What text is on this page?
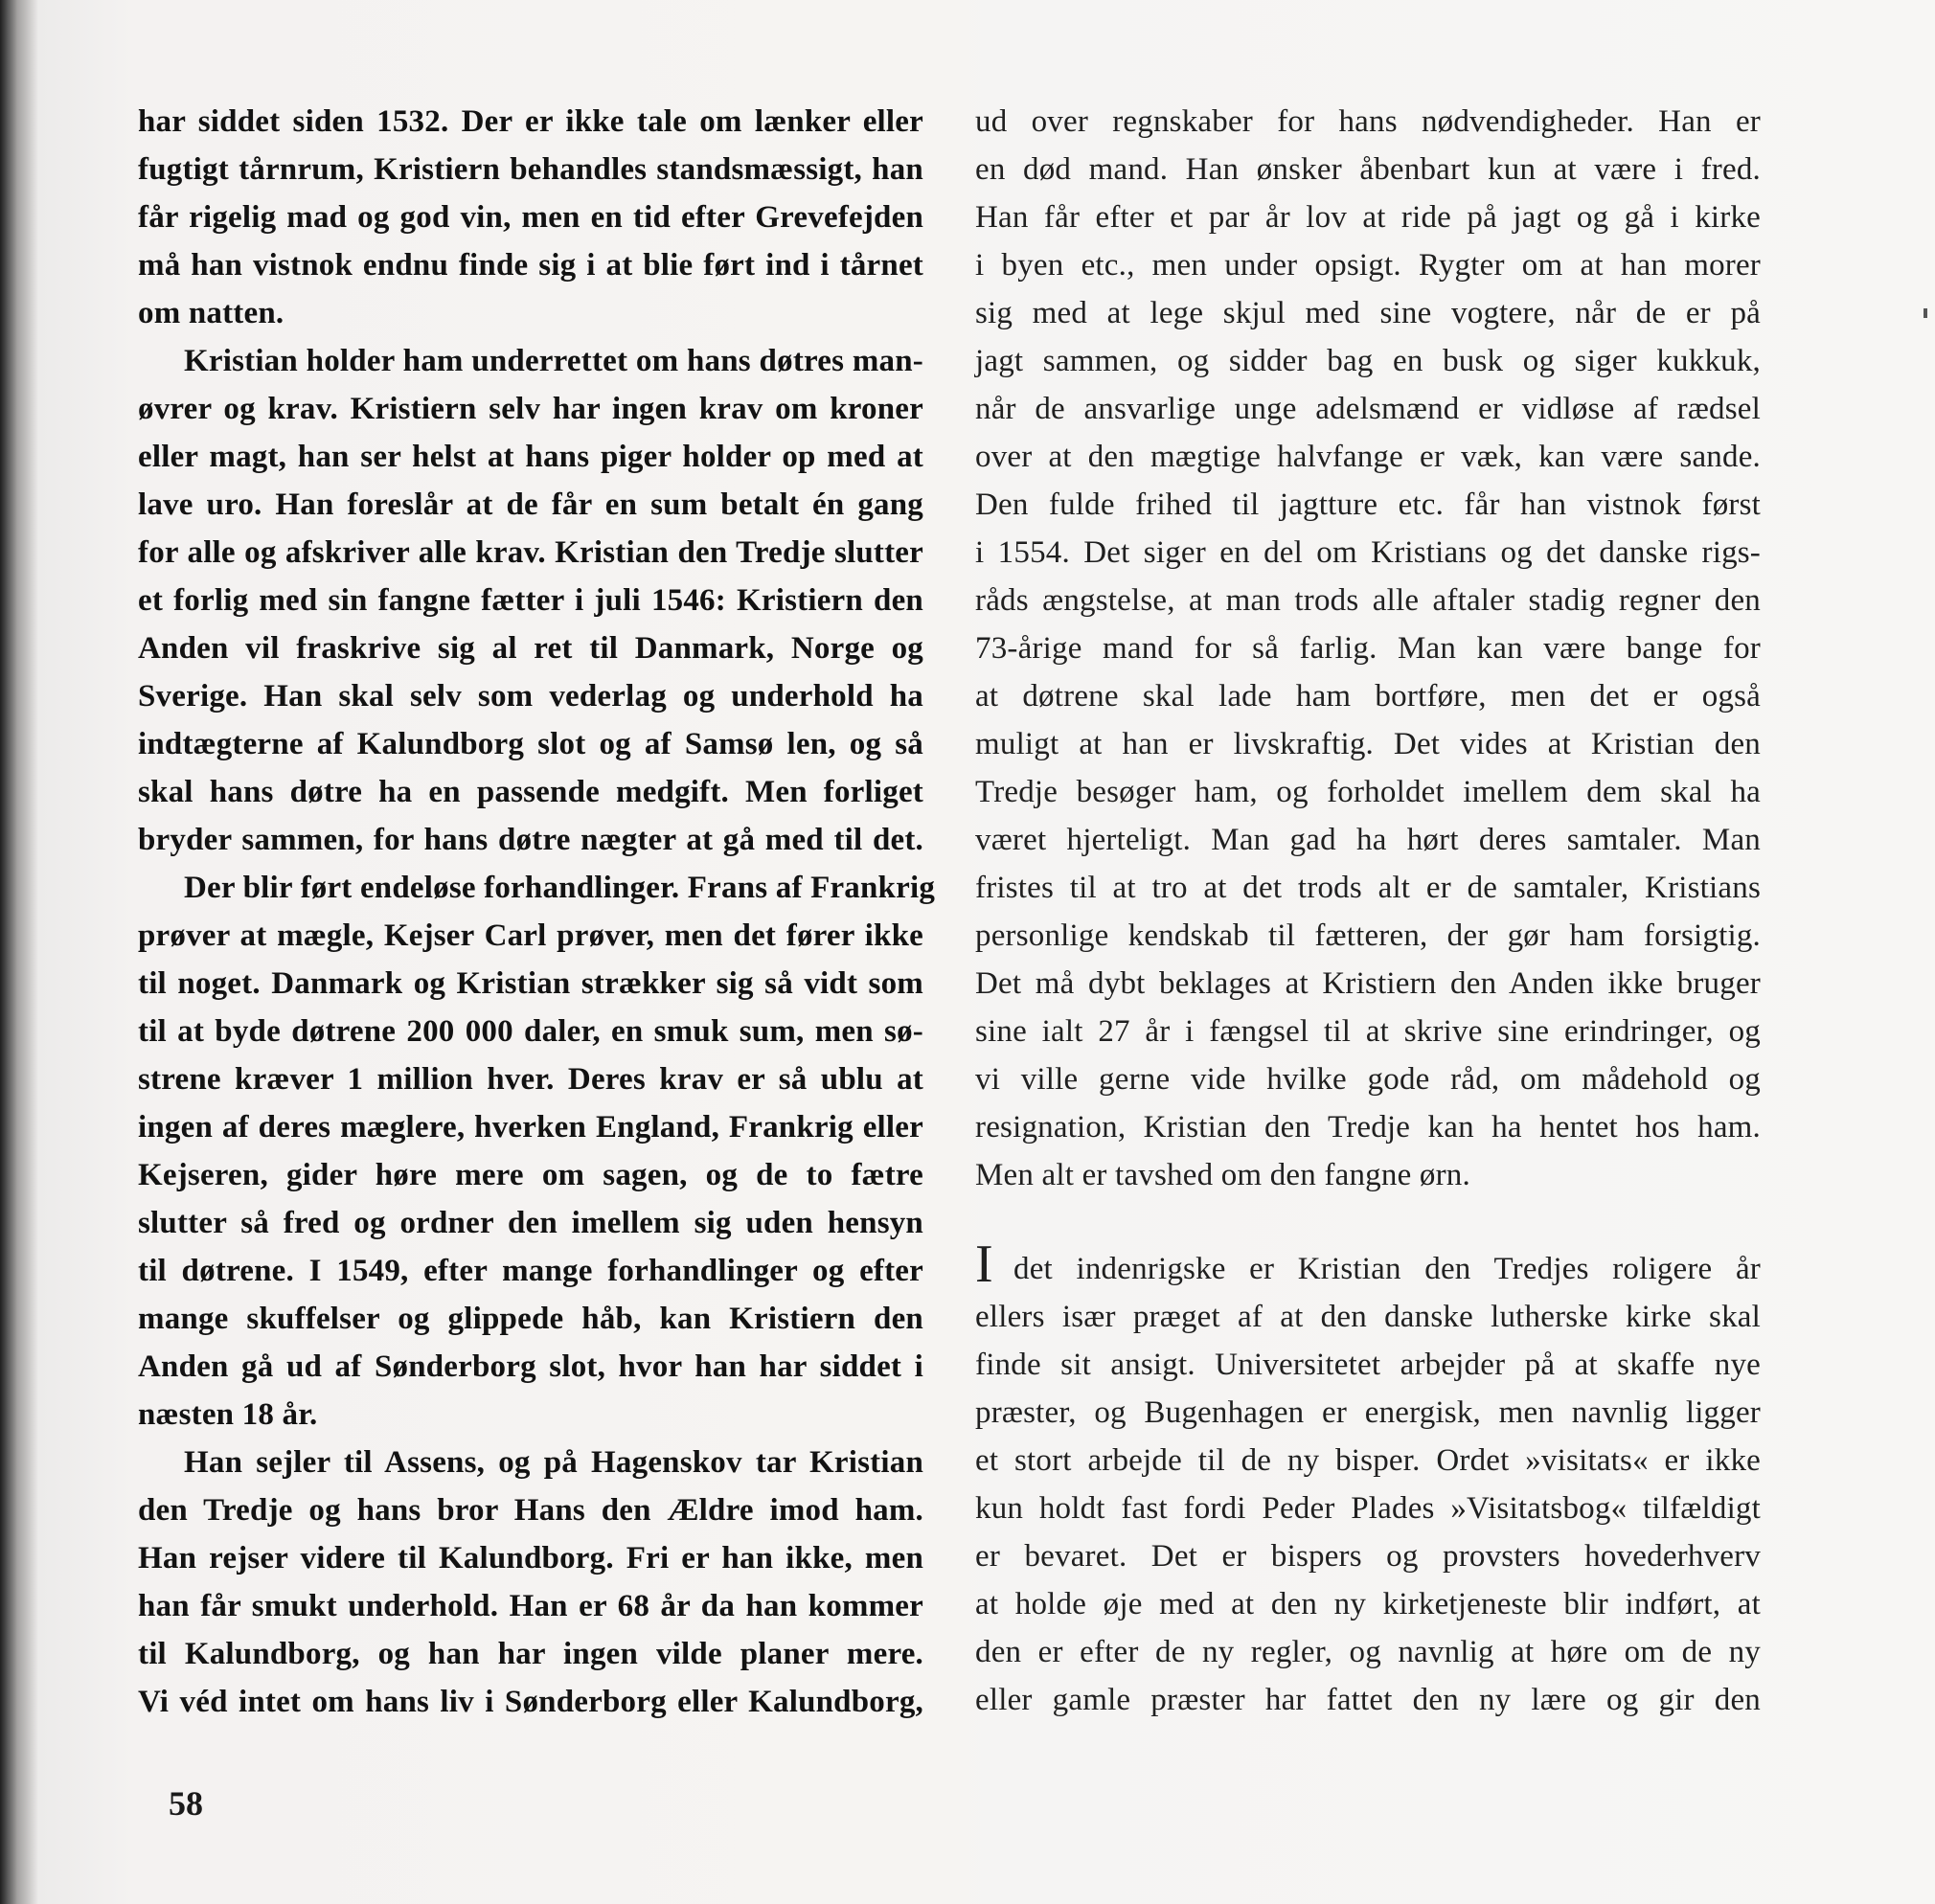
har siddet siden 1532. Der er ikke tale om lænker eller
fugtigt tårnrum, Kristiern behandles standsmæssigt, han
får rigelig mad og god vin, men en tid efter Grevefejden
må han vistnok endnu finde sig i at blie ført ind i tårnet
om natten.
Kristian holder ham underrettet om hans døtres man-
øvrer og krav. Kristiern selv har ingen krav om kroner
eller magt, han ser helst at hans piger holder op med at
lave uro. Han foreslår at de får en sum betalt én gang
for alle og afskriver alle krav. Kristian den Tredje slutter
et forlig med sin fangne fætter i juli 1546: Kristiern den
Anden vil fraskrive sig al ret til Danmark, Norge og
Sverige. Han skal selv som vederlag og underhold ha
indtægterne af Kalundborg slot og af Samsø len, og så
skal hans døtre ha en passende medgift. Men forliget
bryder sammen, for hans døtre nægter at gå med til det.
Der blir ført endeløse forhandlinger. Frans af Frankrig
prøver at mægle, Kejser Carl prøver, men det fører ikke
til noget. Danmark og Kristian strækker sig så vidt som
til at byde døtrene 200 000 daler, en smuk sum, men sø-
strene kræver 1 million hver. Deres krav er så ublu at
ingen af deres mæglere, hverken England, Frankrig eller
Kejseren, gider høre mere om sagen, og de to fætre
slutter så fred og ordner den imellem sig uden hensyn
til døtrene. I 1549, efter mange forhandlinger og efter
mange skuffelser og glippede håb, kan Kristiern den
Anden gå ud af Sønderborg slot, hvor han har siddet i
næsten 18 år.
Han sejler til Assens, og på Hagenskov tar Kristian
den Tredje og hans bror Hans den Ældre imod ham.
Han rejser videre til Kalundborg. Fri er han ikke, men
han får smukt underhold. Han er 68 år da han kommer
til Kalundborg, og han har ingen vilde planer mere.
Vi véd intet om hans liv i Sønderborg eller Kalundborg,
ud over regnskaber for hans nødvendigheder. Han er
en død mand. Han ønsker åbenbart kun at være i fred.
Han får efter et par år lov at ride på jagt og gå i kirke
i byen etc., men under opsigt. Rygter om at han morer
sig med at lege skjul med sine vogtere, når de er på
jagt sammen, og sidder bag en busk og siger kukkuk,
når de ansvarlige unge adelsmænd er vidløse af rædsel
over at den mægtige halvfange er væk, kan være sande.
Den fulde frihed til jagtture etc. får han vistnok først
i 1554. Det siger en del om Kristians og det danske rigs-
råds ængstelse, at man trods alle aftaler stadig regner den
73-årige mand for så farlig. Man kan være bange for
at døtrene skal lade ham bortføre, men det er også
muligt at han er livskraftig. Det vides at Kristian den
Tredje besøger ham, og forholdet imellem dem skal ha
været hjerteligt. Man gad ha hørt deres samtaler. Man
fristes til at tro at det trods alt er de samtaler, Kristians
personlige kendskab til fætteren, der gør ham forsigtig.
Det må dybt beklages at Kristiern den Anden ikke bruger
sine ialt 27 år i fængsel til at skrive sine erindringer, og
vi ville gerne vide hvilke gode råd, om mådehold og
resignation, Kristian den Tredje kan ha hentet hos ham.
Men alt er tavshed om den fangne ørn.
I det indenrigske er Kristian den Tredjes roligere år
ellers især præget af at den danske lutherske kirke skal
finde sit ansigt. Universitetet arbejder på at skaffe nye
præster, og Bugenhagen er energisk, men navnlig ligger
et stort arbejde til de ny bisper. Ordet »visitats« er ikke
kun holdt fast fordi Peder Plades »Visitatsbog« tilfældigt
er bevaret. Det er bispers og provsters hovederhverv
at holde øje med at den ny kirketjeneste blir indført, at
den er efter de ny regler, og navnlig at høre om de ny
eller gamle præster har fattet den ny lære og gir den
58
